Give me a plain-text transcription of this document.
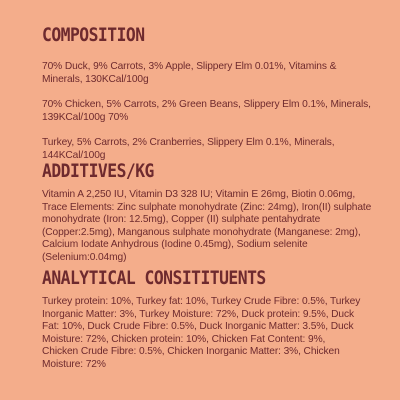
COMPOSITION

70% Duck, 9% Carrots, 3% Apple, Slippery Elm 0.01%, Vitamins & Minerals, 130KCal/100g

70% Chicken, 5% Carrots, 2% Green Beans, Slippery Elm 0.1%, Minerals, 139KCal/100g 70%

Turkey, 5% Carrots, 2% Cranberries, Slippery Elm 0.1%, Minerals, 144KCal/100g

ADDITIVES/KG

Vitamin A 2,250 IU, Vitamin D3 328 IU; Vitamin E 26mg, Biotin 0.06mg, Trace Elements: Zinc sulphate monohydrate (Zinc: 24mg), Iron(II) sulphate monohydrate (Iron: 12.5mg), Copper (II) sulphate pentahydrate (Copper:2.5mg), Manganous sulphate monohydrate (Manganese: 2mg), Calcium Iodate Anhydrous (Iodine 0.45mg), Sodium selenite (Selenium:0.04mg)

ANALYTICAL CONSITITUENTS

Turkey protein: 10%, Turkey fat: 10%, Turkey Crude Fibre: 0.5%, Turkey Inorganic Matter: 3%, Turkey Moisture: 72%, Duck protein: 9.5%, Duck Fat: 10%, Duck Crude Fibre: 0.5%, Duck Inorganic Matter: 3.5%, Duck Moisture: 72%, Chicken protein: 10%, Chicken Fat Content: 9%, Chicken Crude Fibre: 0.5%, Chicken Inorganic Matter: 3%, Chicken Moisture: 72%
